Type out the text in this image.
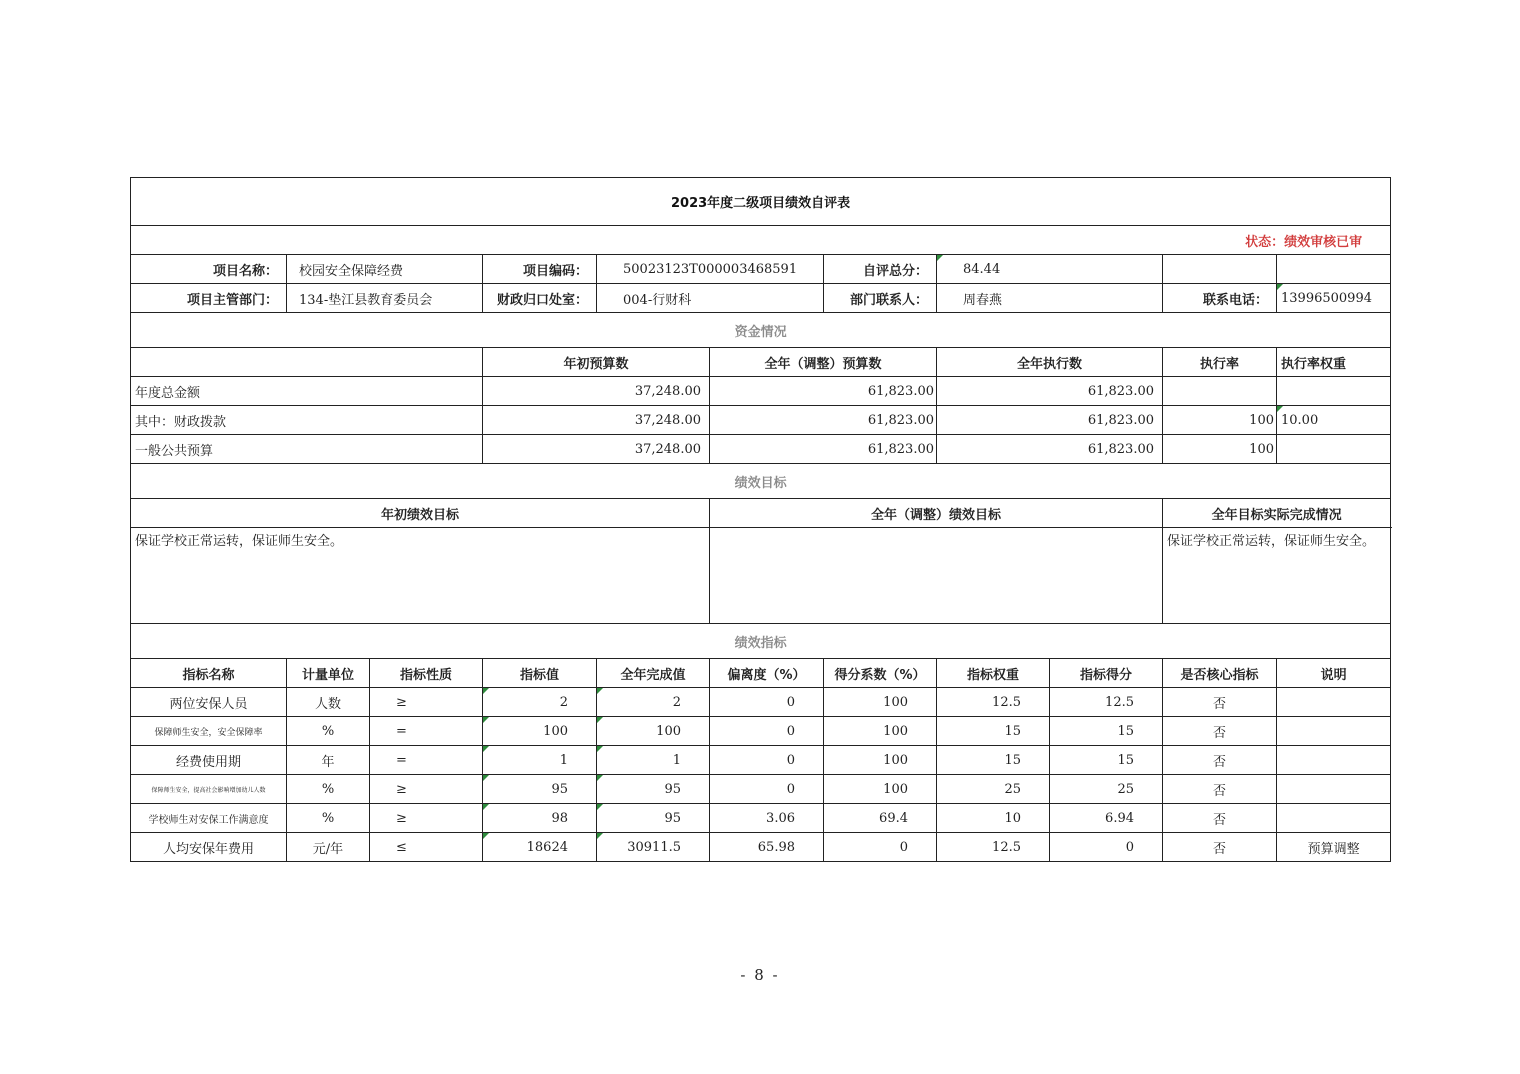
2023年度二级项目绩效自评表											
状态：绩效审核已审											
项目名称：	校园安全保障经费		项目编码：	50023123T000003468591		自评总分：	84.44				
项目主管部门：	134-垫江县教育委员会		财政归口处室：	004-行财科		部门联系人：	周春燕		联系电话：	13996500994	
资金情况											
			年初预算数		全年（调整）预算数		全年执行数		执行率	执行率权重	
年度总金额			37,248.00		61,823.00		61,823.00				
其中：财政拨款			37,248.00		61,823.00		61,823.00		100	10.00	
一般公共预算			37,248.00		61,823.00		61,823.00		100		
绩效目标											
年初绩效目标					全年（调整）绩效目标				全年目标实际完成情况		
保证学校正常运转，保证师生安全。									保证学校正常运转，保证师生安全。		
绩效指标											
指标名称	计量单位	指标性质	指标值	全年完成值	偏离度（%）	得分系数（%）	指标权重	指标得分	是否核心指标	说明	
两位安保人员	人数	≥	2	2	0	100	12.5	12.5	否		
保障师生安全，安全保障率	%	=	100	100	0	100	15	15	否		
经费使用期	年	=	1	1	0	100	15	15	否		
保障师生安全，提高社会影响增加幼儿人数	%	≥	95	95	0	100	25	25	否		
学校师生对安保工作满意度	%	≥	98	95	3.06	69.4	10	6.94	否		
人均安保年费用	元/年	≤	18624	30911.5	65.98	0	12.5	0	否	预算调整	
- 8 -
